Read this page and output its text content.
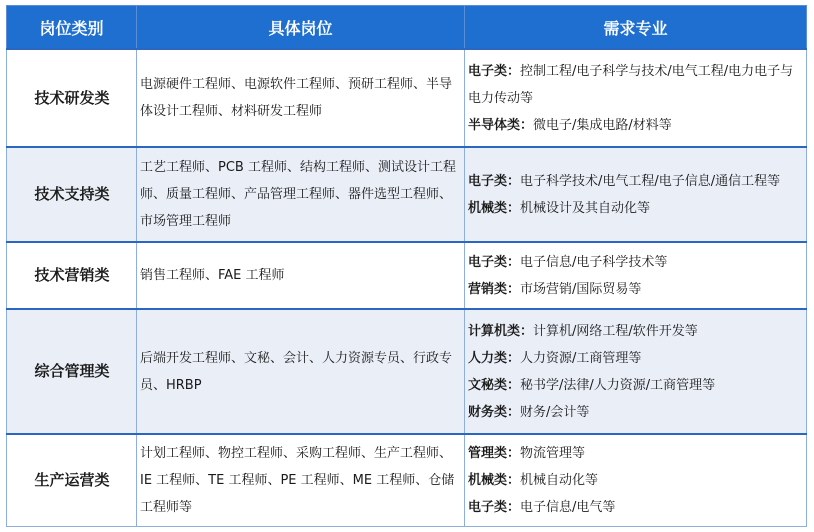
岗位类别	具体岗位	需求专业
技术研发类	电源硬件工程师、电源软件工程师、预研工程师、半导
体设计工程师、材料研发工程师	电子类：控制工程/电子科学与技术/电气工程/电力电子与
电力传动等
半导体类：微电子/集成电路/材料等

技术支持类	工艺工程师、PCB 工程师、结构工程师、测试设计工程
师、质量工程师、产品管理工程师、器件选型工程师、
市场管理工程师	电子类：电子科学技术/电气工程/电子信息/通信工程等
机械类：机械设计及其自动化等

技术营销类	销售工程师、FAE 工程师	电子类：电子信息/电子科学技术等
营销类：市场营销/国际贸易等

综合管理类	后端开发工程师、文秘、会计、人力资源专员、行政专
员、HRBP	计算机类：计算机/网络工程/软件开发等
人力类：人力资源/工商管理等
文秘类：秘书学/法律/人力资源/工商管理等
财务类：财务/会计等

生产运营类	计划工程师、物控工程师、采购工程师、生产工程师、
IE 工程师、TE 工程师、PE 工程师、ME 工程师、仓储
工程师等	管理类：物流管理等
机械类：机械自动化等
电子类：电子信息/电气等
